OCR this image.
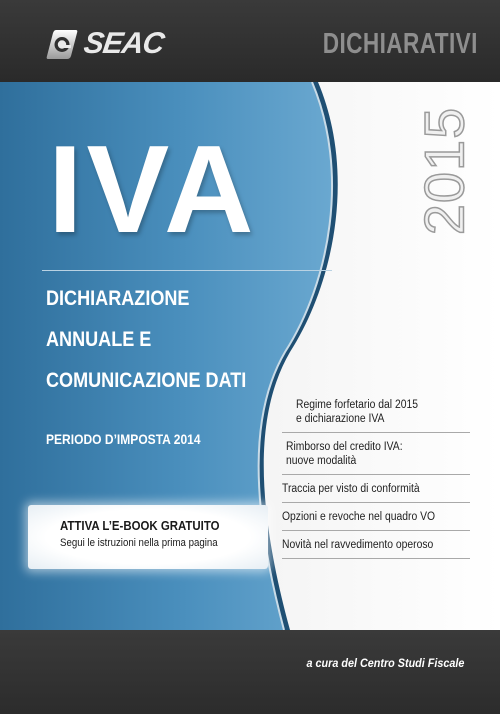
SEAC	DICHIARATIVI
2015
IVA
DICHIARAZIONE
ANNUALE E
COMUNICAZIONE DATI
PERIODO D’IMPOSTA 2014
ATTIVA L’E-BOOK GRATUITO
Segui le istruzioni nella prima pagina
Regime forfetario dal 2015
e dichiarazione IVA
Rimborso del credito IVA:
nuove modalità
Traccia per visto di conformità
Opzioni e revoche nel quadro VO
Novità nel ravvedimento operoso
a cura del Centro Studi Fiscale
